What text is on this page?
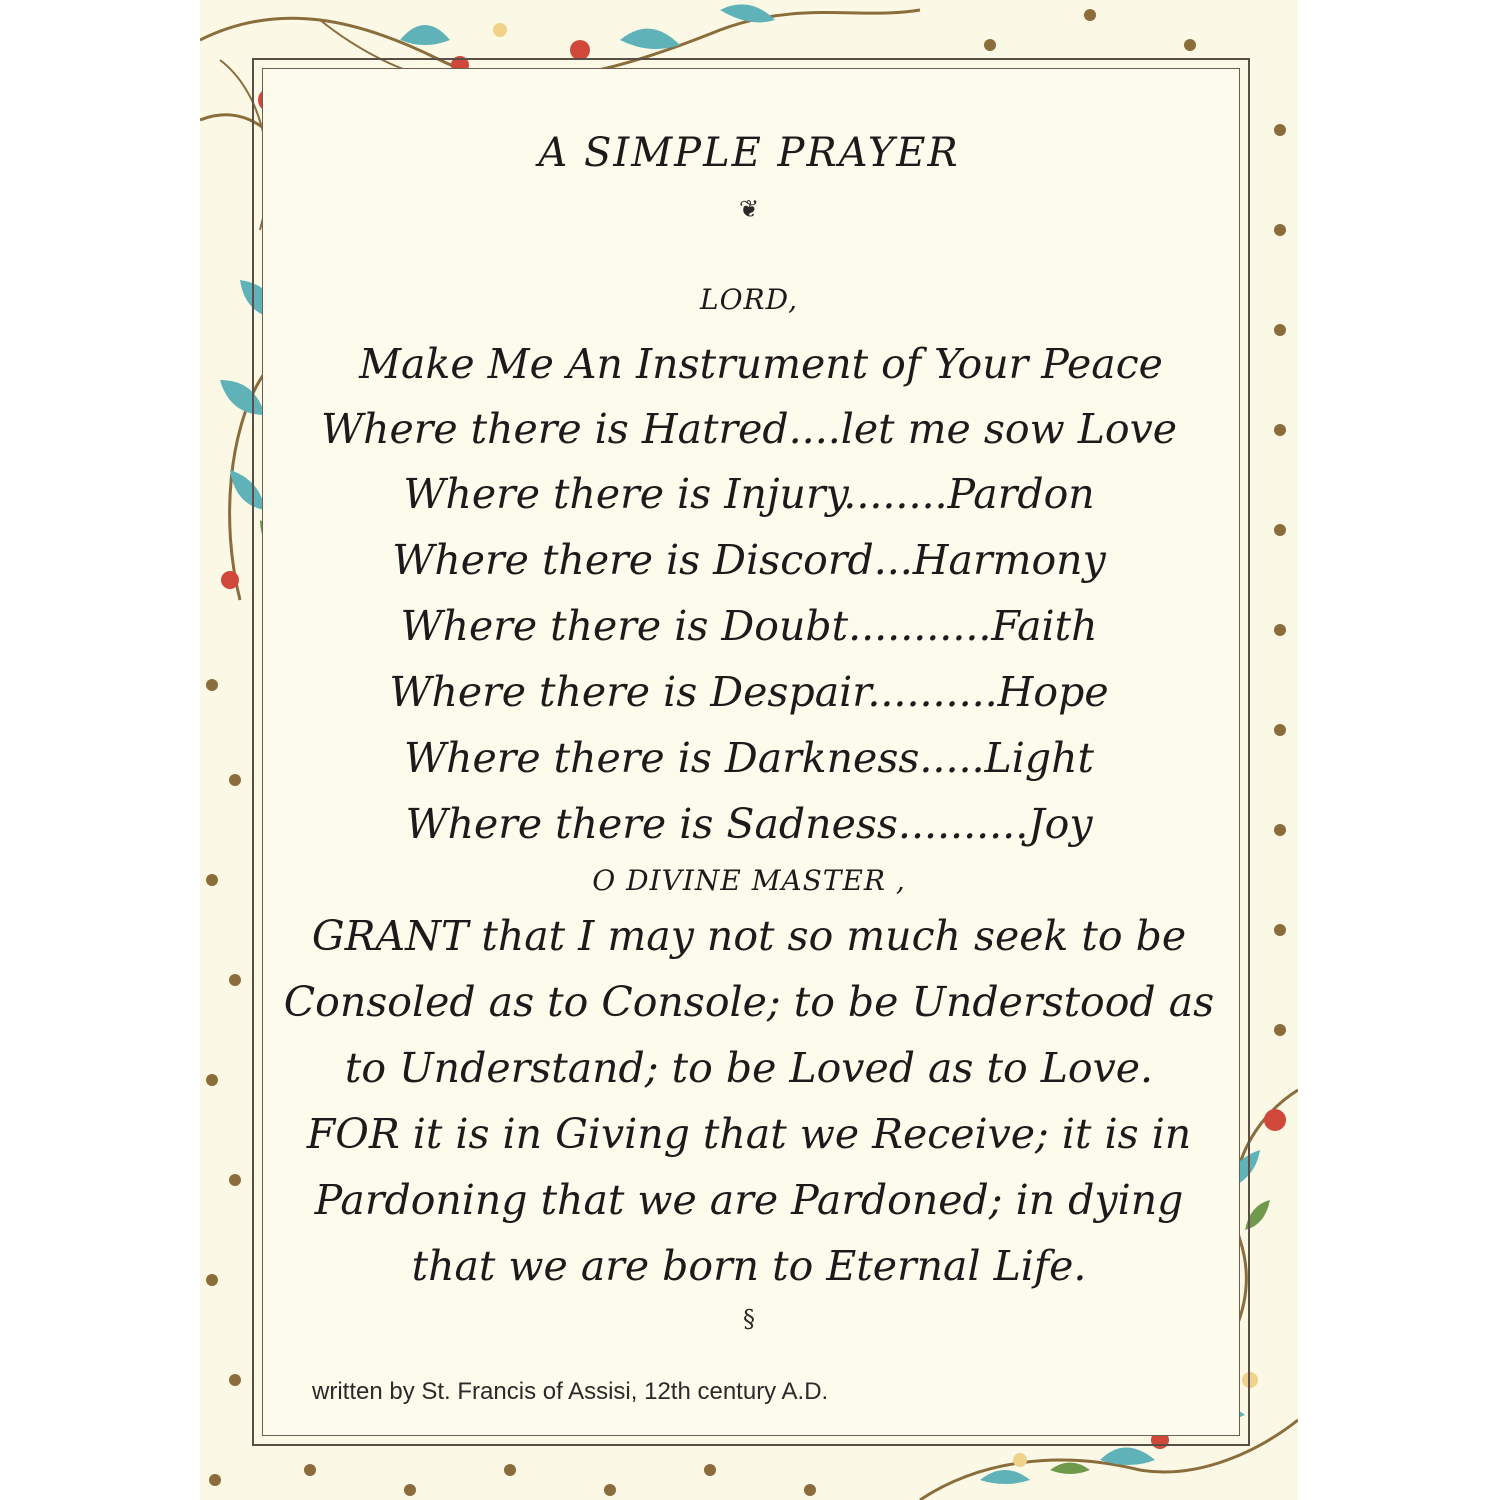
A SIMPLE PRAYER
❦
LORD,
Make Me An Instrument of Your Peace
Where there is Hatred....let me sow Love
Where there is Injury........Pardon
Where there is Discord...Harmony
Where there is Doubt...........Faith
Where there is Despair..........Hope
Where there is Darkness.....Light
Where there is Sadness..........Joy
O DIVINE MASTER ,
GRANT that I may not so much seek to be
Consoled as to Console; to be Understood as
to Understand; to be Loved as to Love.
FOR it is in Giving that we Receive; it is in
Pardoning that we are Pardoned; in dying
that we are born to Eternal Life.
§
written by St. Francis of Assisi, 12th century A.D.
